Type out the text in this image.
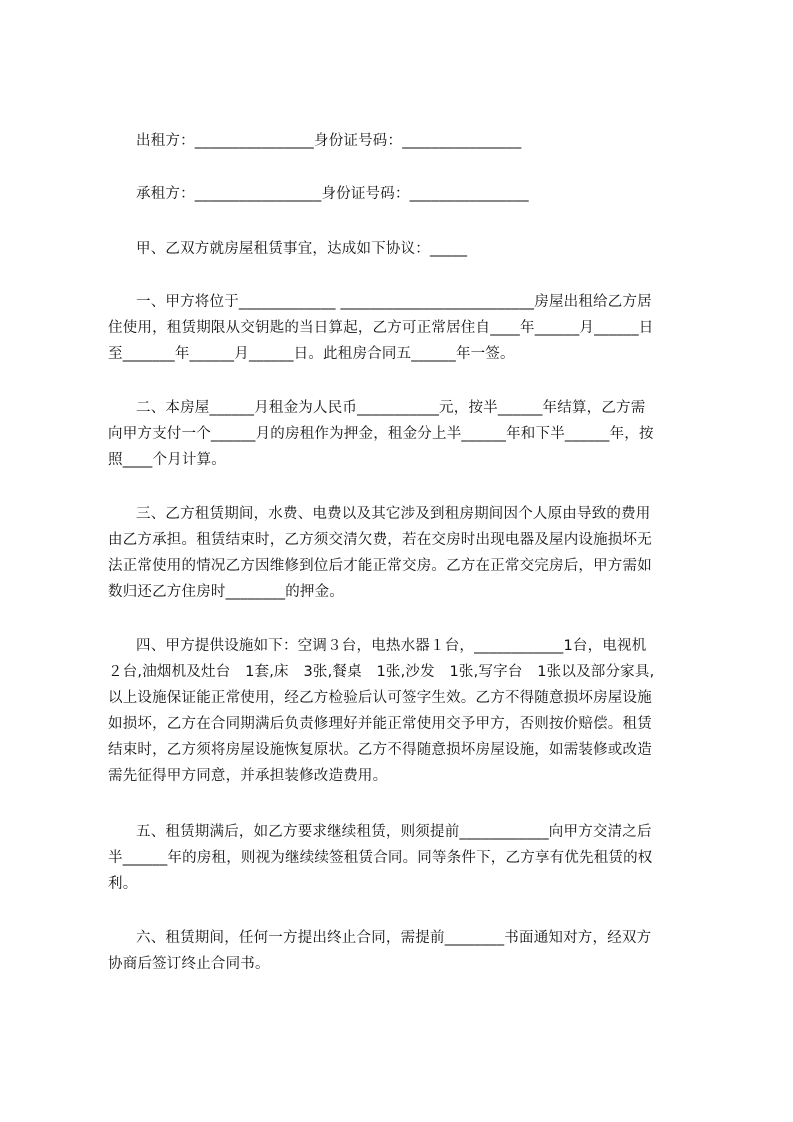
出租方：________________身份证号码：________________
承租方：_________________身份证号码：________________
甲、乙双方就房屋租赁事宜，达成如下协议：_____
一、甲方将位于_____________ __________________________房屋出租给乙方居
住使用，租赁期限从交钥匙的当日算起，乙方可正常居住自____年______月______日
至_______年______月______日。此租房合同五______年一签。
二、本房屋______月租金为人民币___________元，按半______年结算，乙方需
向甲方支付一个______月的房租作为押金，租金分上半______年和下半______年，按
照____个月计算。
三、乙方租赁期间，水费、电费以及其它涉及到租房期间因个人原由导致的费用
由乙方承担。租赁结束时，乙方须交清欠费，若在交房时出现电器及屋内设施损坏无
法正常使用的情况乙方因维修到位后才能正常交房。乙方在正常交完房后，甲方需如
数归还乙方住房时________的押金。
四、甲方提供设施如下：空调３台，电热水器１台，____________1台，电视机
２台,油烟机及灶台　1套,床　3张,餐桌　1张,沙发　1张,写字台　1张以及部分家具,
以上设施保证能正常使用，经乙方检验后认可签字生效。乙方不得随意损坏房屋设施
如损坏，乙方在合同期满后负责修理好并能正常使用交予甲方，否则按价赔偿。租赁
结束时，乙方须将房屋设施恢复原状。乙方不得随意损坏房屋设施，如需装修或改造
需先征得甲方同意，并承担装修改造费用。
五、租赁期满后，如乙方要求继续租赁，则须提前____________向甲方交清之后
半______年的房租，则视为继续续签租赁合同。同等条件下，乙方享有优先租赁的权
利。
六、租赁期间，任何一方提出终止合同，需提前________书面通知对方，经双方
协商后签订终止合同书。
